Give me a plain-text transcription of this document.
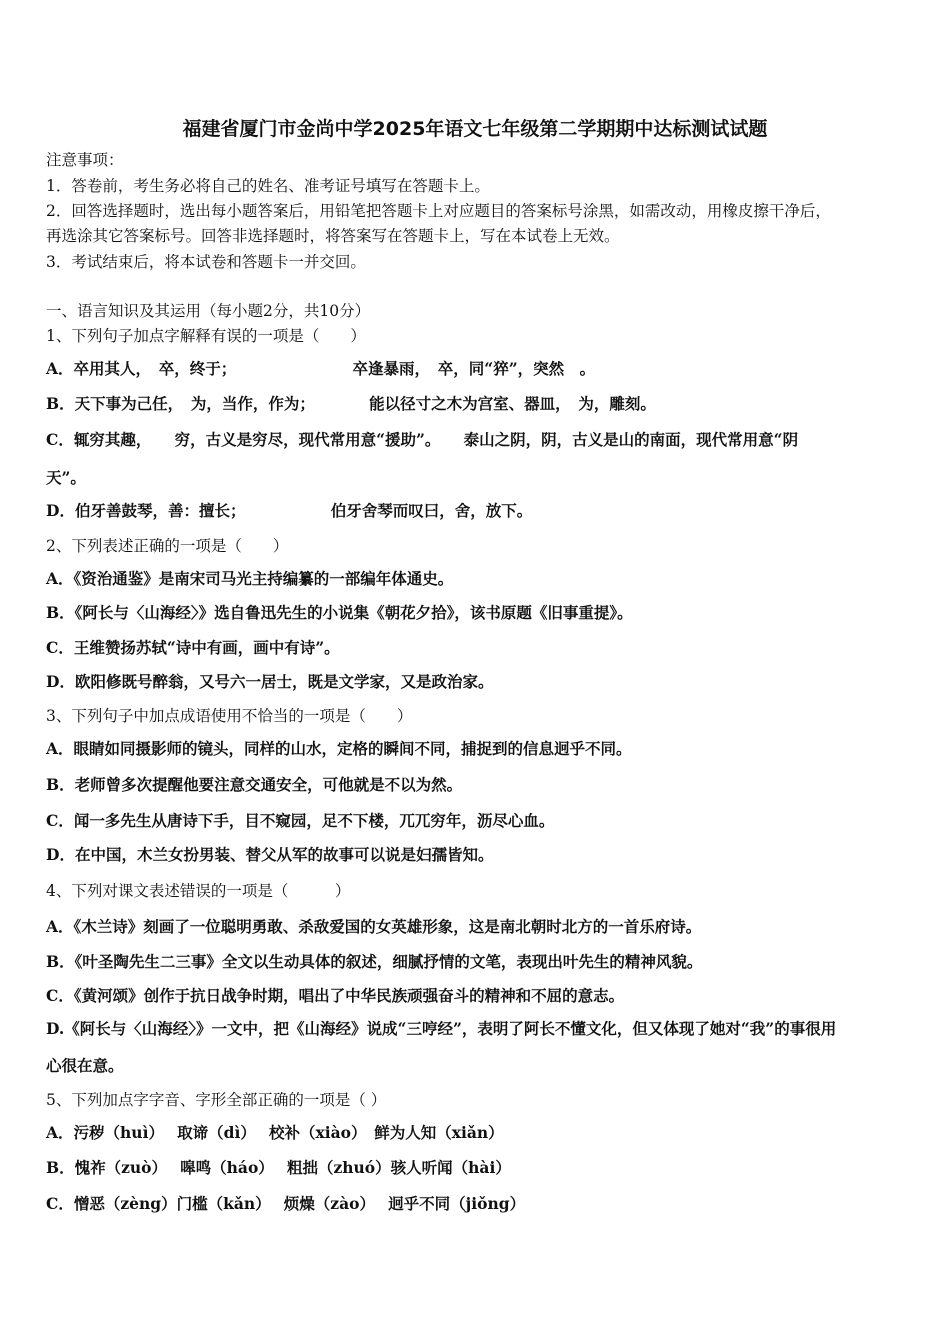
福建省厦门市金尚中学2025年语文七年级第二学期期中达标测试试题
注意事项：
1．答卷前，考生务必将自己的姓名、准考证号填写在答题卡上。
2．回答选择题时，选出每小题答案后，用铅笔把答题卡上对应题目的答案标号涂黑，如需改动，用橡皮擦干净后，
再选涂其它答案标号。回答非选择题时，将答案写在答题卡上，写在本试卷上无效。
3．考试结束后，将本试卷和答题卡一并交回。
一、语言知识及其运用（每小题2分，共10分）
1、下列句子加点字解释有误的一项是（　　）
A．卒用其人，　卒，终于；　　　　　　　　卒逢暴雨，　卒，同“猝”，突然　。
B．天下事为己任，　为，当作，作为；　　　　能以径寸之木为宫室、器皿，　为，雕刻。
C．辄穷其趣，　　穷，古义是穷尽，现代常用意“援助”。　　泰山之阴，阴，古义是山的南面，现代常用意“阴
天”。
D．伯牙善鼓琴，善：擅长；　　　　　　伯牙舍琴而叹曰，舍，放下。
2、下列表述正确的一项是（　　）
A．《资治通鉴》是南宋司马光主持编纂的一部编年体通史。
B．《阿长与〈山海经〉》选自鲁迅先生的小说集《朝花夕拾》，该书原题《旧事重提》。
C．王维赞扬苏轼“诗中有画，画中有诗”。
D．欧阳修既号醉翁，又号六一居士，既是文学家，又是政治家。
3、下列句子中加点成语使用不恰当的一项是（　　）
A．眼睛如同摄影师的镜头，同样的山水，定格的瞬间不同，捕捉到的信息迥乎不同。
B．老师曾多次提醒他要注意交通安全，可他就是不以为然。
C．闻一多先生从唐诗下手，目不窥园，足不下楼，兀兀穷年，沥尽心血。
D．在中国，木兰女扮男装、替父从军的故事可以说是妇孺皆知。
4、下列对课文表述错误的一项是（　　　）
A．《木兰诗》刻画了一位聪明勇敢、杀敌爱国的女英雄形象，这是南北朝时北方的一首乐府诗。
B．《叶圣陶先生二三事》全文以生动具体的叙述，细腻抒情的文笔，表现出叶先生的精神风貌。
C．《黄河颂》创作于抗日战争时期，唱出了中华民族顽强奋斗的精神和不屈的意志。
D.《阿长与〈山海经〉》一文中，把《山海经》说成“三哼经”，表明了阿长不懂文化，但又体现了她对“我”的事很用
心很在意。
5、下列加点字字音、字形全部正确的一项是（ ）
A．污秽（huì）　 取谛（dì）　 校补（xiào）　鲜为人知（xiǎn）
B．愧祚（zuò）　 嗥鸣（háo）　 粗拙（zhuó）骇人听闻（hài）
C．憎恶（zèng）门槛（kǎn）　 烦燥（zào）　 迥乎不同（jiǒng）
